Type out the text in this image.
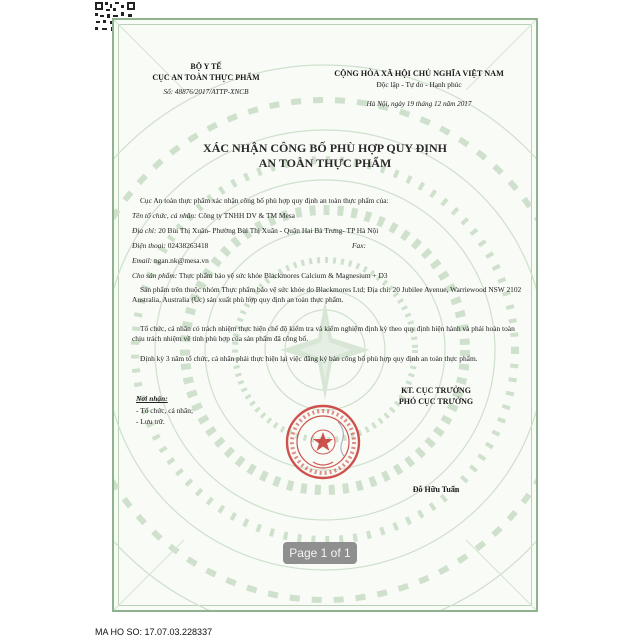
BỘ Y TẾ
CỤC AN TOÀN THỰC PHẨM
Số: 48876/2017/ATTP-XNCB
CỘNG HÒA XÃ HỘI CHỦ NGHĨA VIỆT NAM
Độc lập - Tự do - Hạnh phúc
Hà Nội, ngày 19 tháng 12 năm 2017
XÁC NHẬN CÔNG BỐ PHÙ HỢP QUY ĐỊNH
AN TOÀN THỰC PHẨM
Cục An toàn thực phẩm xác nhận công bố phù hợp quy định an toàn thực phẩm của:
Tên tổ chức, cá nhân: Công ty TNHH DV & TM Mesa
Địa chỉ: 20 Bùi Thị Xuân- Phường Bùi Thị Xuân - Quận Hai Bà Trưng- TP Hà Nội
Điện thoại: 02438263418	Fax:
Email: ngan.nk@mesa.vn
Cho sản phẩm: Thực phẩm bảo vệ sức khỏe Blackmores Calcium & Magnesium + D3
Sản phẩm trên thuộc nhóm Thực phẩm bảo vệ sức khỏe do Blackmores Ltd; Địa chỉ: 20 Jubilee Avenue, Warriewood NSW 2102 Australia, Australia (Úc) sản xuất phù hợp quy định an toàn thực phẩm.
Tổ chức, cá nhân có trách nhiệm thực hiện chế độ kiểm tra và kiểm nghiệm định kỳ theo quy định hiện hành và phải hoàn toàn chịu trách nhiệm về tính phù hợp của sản phẩm đã công bố.
Định kỳ 3 năm tổ chức, cá nhân phải thực hiện lại việc đăng ký bản công bố phù hợp quy định an toàn thực phẩm.
Nơi nhận:
- Tổ chức, cá nhân;
- Lưu trữ.
KT. CỤC TRƯỞNG
PHÓ CỤC TRƯỞNG
Đỗ Hữu Tuấn
Page 1 of 1
MA HO SO: 17.07.03.228337
